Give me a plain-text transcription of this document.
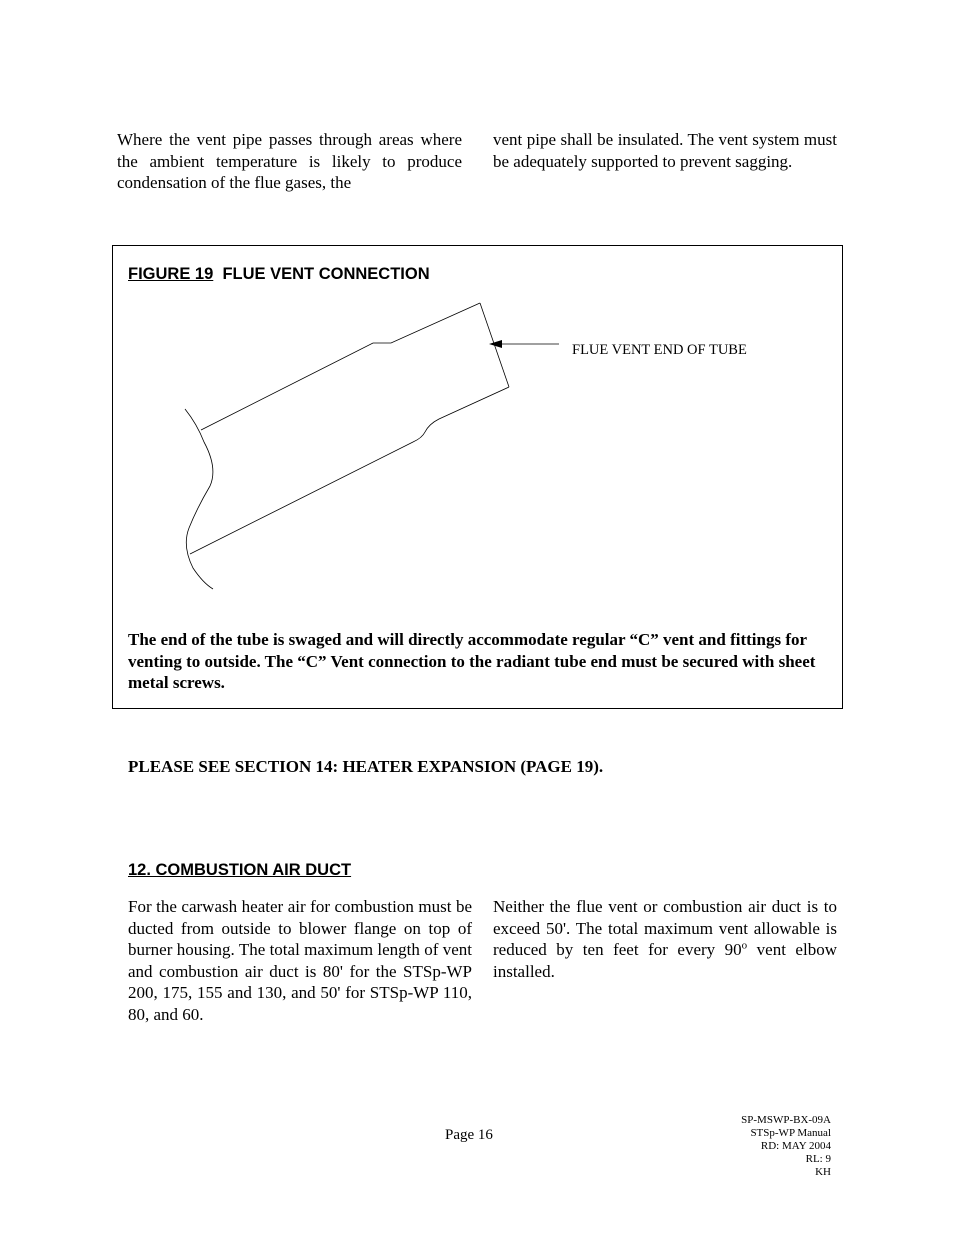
Where the vent pipe passes through areas where the ambient temperature is likely to produce condensation of the flue gases, the

vent pipe shall be insulated. The vent system must be adequately supported to prevent sagging.

FIGURE 19 FLUE VENT CONNECTION
FLUE VENT END OF TUBE

The end of the tube is swaged and will directly accommodate regular “C” vent and fittings for venting to outside. The “C” Vent connection to the radiant tube end must be secured with sheet metal screws.

PLEASE SEE SECTION 14: HEATER EXPANSION (PAGE 19).

12. COMBUSTION AIR DUCT

For the carwash heater air for combustion must be ducted from outside to blower flange on top of burner housing. The total maximum length of vent and combustion air duct is 80' for the STSp-WP 200, 175, 155 and 130, and 50' for STSp-WP 110, 80, and 60.

Neither the flue vent or combustion air duct is to exceed 50'. The total maximum vent allowable is reduced by ten feet for every 90$^o$ vent elbow installed.

Page 16
SP-MSWP-BX-09A
STSp-WP Manual
RD: MAY 2004
RL: 9
KH
